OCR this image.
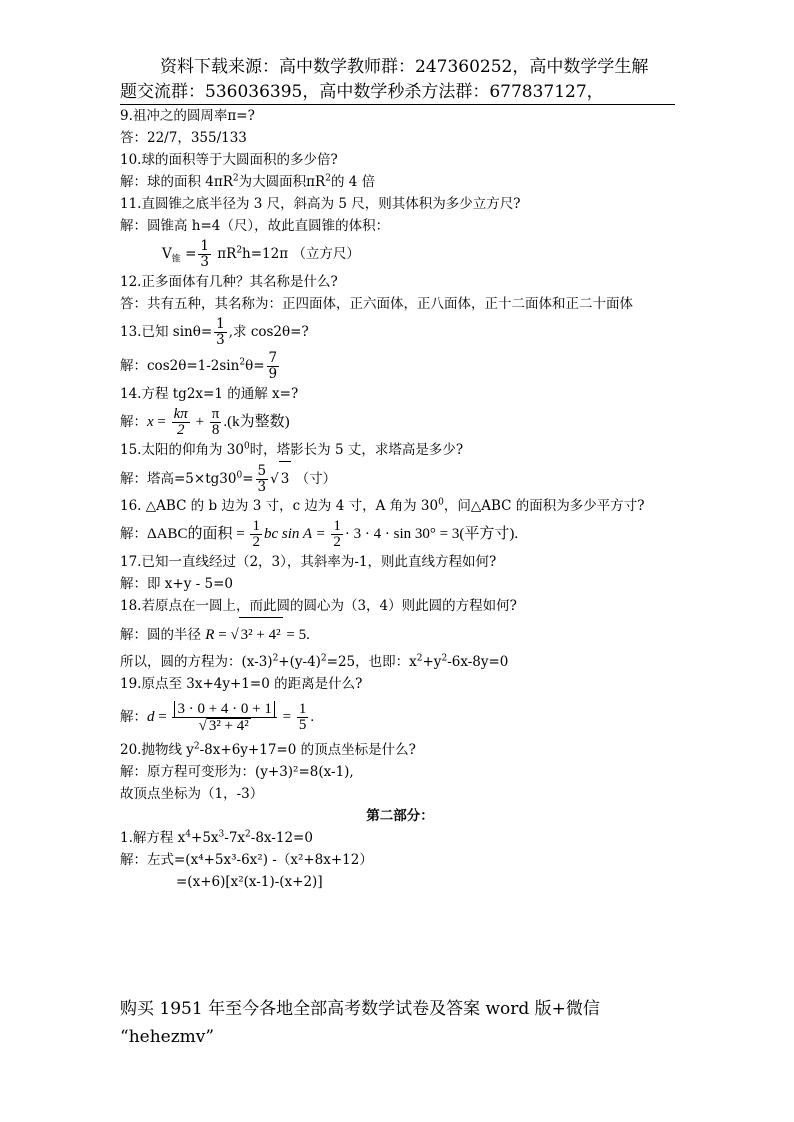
资料下载来源：高中数学教师群：247360252，高中数学学生解
题交流群：536036395，高中数学秒杀方法群：677837127，
9.祖冲之的圆周率π=?
答：22/7，355/133
10.球的面积等于大圆面积的多少倍?
解：球的面积 $4\pi R^2$为大圆面积$\pi R^2$的 4 倍
11.直圆锥之底半径为 3 尺，斜高为 5 尺，则其体积为多少立方尺?
解：圆锥高 h=4（尺），故此直圆锥的体积：
$V_锥 = \frac{1}{3} \pi R^2h=12\pi$ （立方尺）
12.正多面体有几种？其名称是什么?
答：共有五种，其名称为：正四面体，正六面体，正八面体，正十二面体和正二十面体
13.已知 $\sin\theta= \frac{1}{3}$ ,求 cos2θ=?
解：$\cos 2\theta=1-2\sin^2\theta= \frac{7}{9}$
14.方程 tg2x=1 的通解 x=?
解：$x = \frac{k\pi}{2} + \frac{\pi}{8} .(k$为整数)
15.太阳的仰角为 $30^0$时，塔影长为 5 丈，求塔高是多少?
解：塔高$=5\times tg30^0= \frac{5}{3}$ √ 3 （寸）
16. △ABC 的 b 边为 3 寸，c 边为 4 寸，A 角为 $30^0$，问△ABC 的面积为多少平方寸?
解：ΔABC的面积 = $\frac{1}{2}$ bc $\sin A = \frac{1}{2} \cdot 3 \cdot 4 \cdot \sin 30^\circ = 3$(平方寸).
17.已知一直线经过（2，3），其斜率为-1，则此直线方程如何?
解：即 x+y - 5=0
18.若原点在一圆上，而此圆的圆心为（3，4）则此圆的方程如何?
解：圆的半径 R = √ 3² + 4² = 5.
所以，圆的方程为：$(x-3)^2+(y-4)^2=25$，也即：$x^2+y^2-6x-8y=0$
19.原点至 3x+4y+1=0 的距离是什么?
解：$d = \frac{3 \cdot 0 + 4 \cdot 0 + 1}{\text{√ 3² + 4²}} = \frac{1}{5}$ .
20.抛物线 $y^2-8x+6y+17=0$ 的顶点坐标是什么?
解：原方程可变形为：(y+3)²=8(x-1),
故顶点坐标为（1，-3）
第二部分：
1.解方程 $x^4+5x^3-7x^2-8x-12=0$
解：左式=(x⁴+5x³-6x²) -（x²+8x+12）
=(x+6)[x²(x-1)-(x+2)]
购买 1951 年至今各地全部高考数学试卷及答案 word 版+微信
“hehezmv”
